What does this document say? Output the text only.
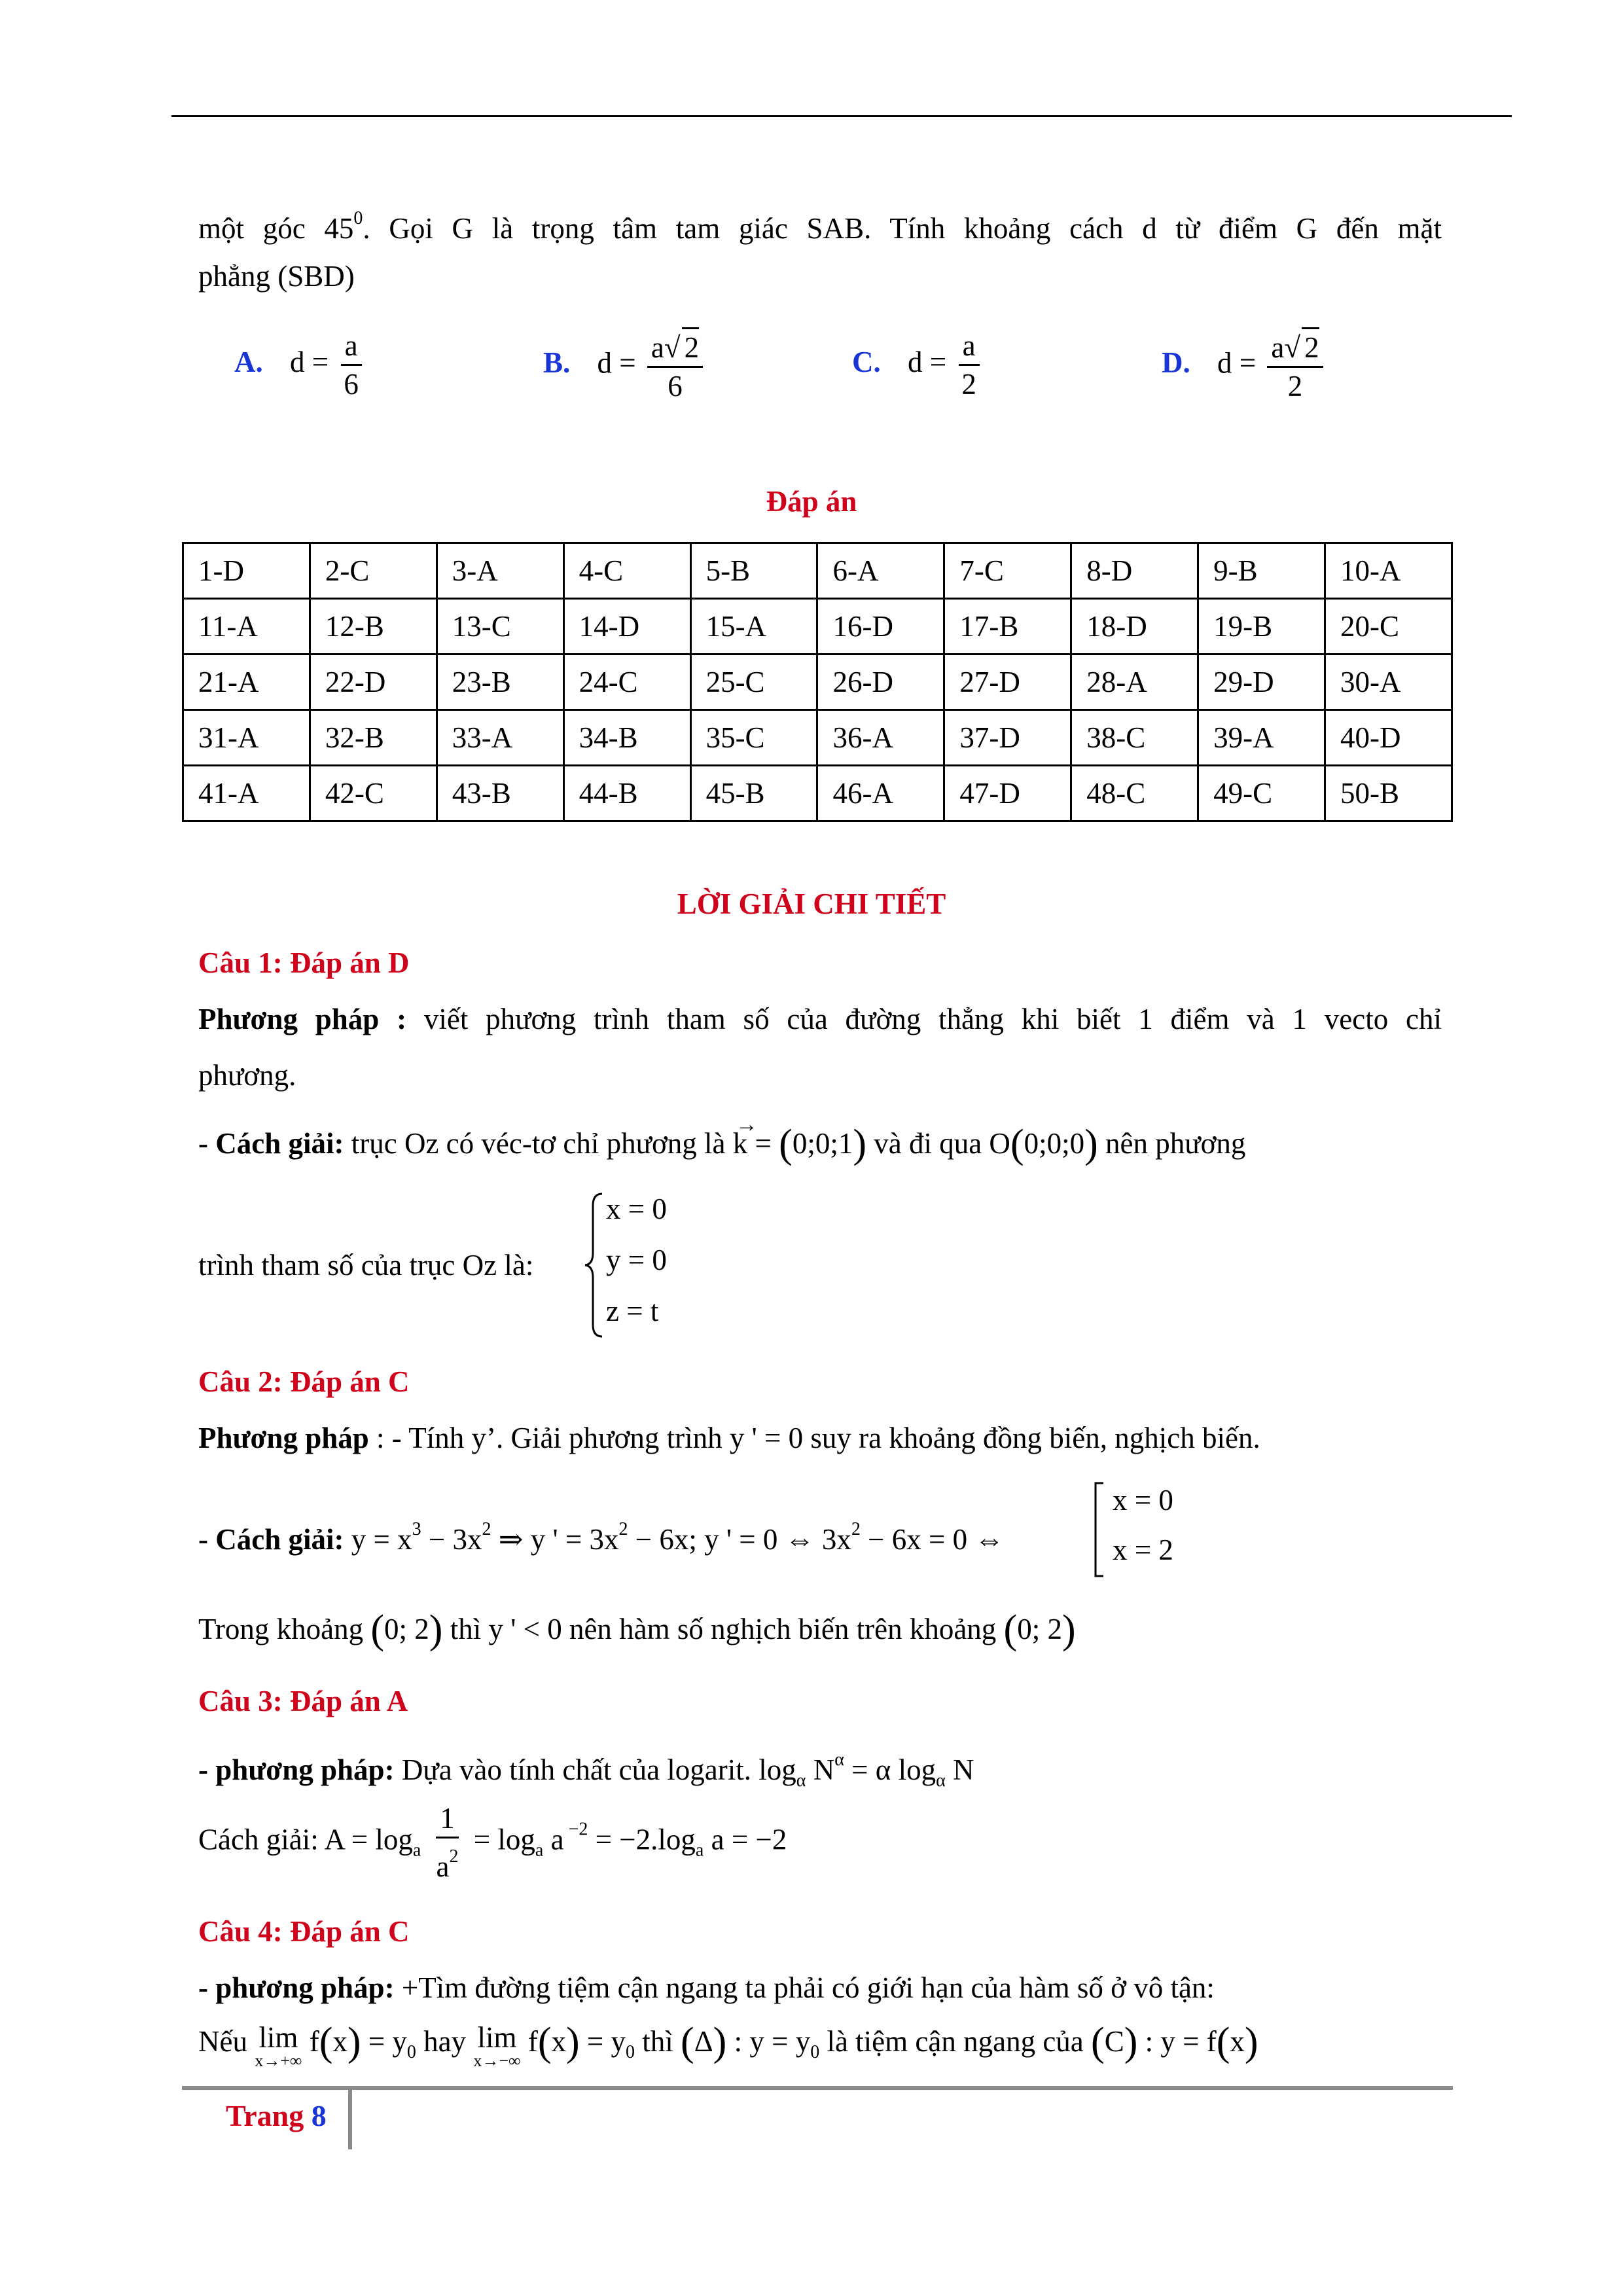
một góc $45^0$. Gọi G là trọng tâm tam giác SAB. Tính khoảng cách d từ điểm G đến mặt
phẳng (SBD)
A. $d = \frac{a}{6}$	B. $d = \frac{a√ 2}{6}$	C. $d = \frac{a}{2}$	D. $d = \frac{a√ 2}{2}$
Đáp án
1-D	2-C	3-A	4-C	5-B	6-A	7-C	8-D	9-B	10-A
11-A	12-B	13-C	14-D	15-A	16-D	17-B	18-D	19-B	20-C
21-A	22-D	23-B	24-C	25-C	26-D	27-D	28-A	29-D	30-A
31-A	32-B	33-A	34-B	35-C	36-A	37-D	38-C	39-A	40-D
41-A	42-C	43-B	44-B	45-B	46-A	47-D	48-C	49-C	50-B
LỜI GIẢI CHI TIẾT
Câu 1: Đáp án D
Phương pháp : viết phương trình tham số của đường thẳng khi biết 1 điểm và 1 vecto chỉ
phương.
- Cách giải: trục Oz có véc-tơ chỉ phương là
→
k = (0;0;1) và đi qua O(0;0;0) nên phương
trình tham số của trục Oz là:
x = 0
y = 0
z = t
Câu 2: Đáp án C
Phương pháp : - Tính y’. Giải phương trình y ' = 0 suy ra khoảng đồng biến, nghịch biến.
- Cách giải: $y = x^3 - 3x^2$ ⇒ y ' = $3x^2 - 6x$; y ' = 0 ⇔ $3x^2 - 6x = 0$ ⇔
x = 0
x = 2
Trong khoảng (0; 2) thì y ' < 0 nên hàm số nghịch biến trên khoảng (0; 2)
Câu 3: Đáp án A
- phương pháp: Dựa vào tính chất của logarit. $\log_\alpha N^\alpha = \alpha$ $\log_\alpha N$
Cách giải: $A = \log_a \frac{1}{a^2} = \log_a a$ $^{-2} = -2.\log_a$ a = −2
Câu 4: Đáp án C
- phương pháp: +Tìm đường tiệm cận ngang ta phải có giới hạn của hàm số ở vô tận:
Nếu lim
x→+∞
$f(x) = y_0$ hay lim
x→−∞
$f(x) = y_0$ thì (Δ) : $y = y_0$ là tiệm cận ngang của (C) : y = f(x)
Trang 8
